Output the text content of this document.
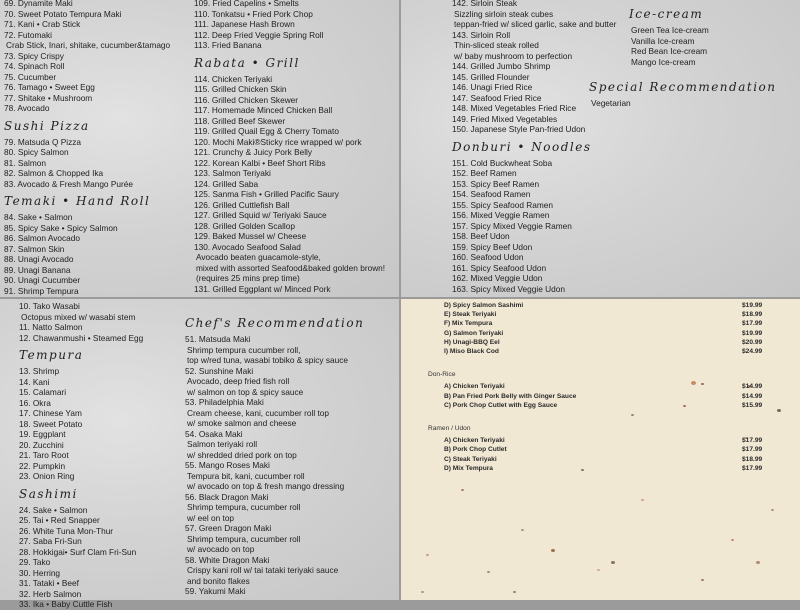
69. Dynamite Maki
70. Sweet Potato Tempura Maki
71. Kani • Crab Stick
72. Futomaki
Crab Stick, Inari, shitake, cucumber&tamago
73. Spicy Crispy
74. Spinach Roll
75. Cucumber
76. Tamago • Sweet Egg
77. Shitake • Mushroom
78. Avocado
Sushi Pizza
79. Matsuda Q Pizza
80. Spicy Salmon
81. Salmon
82. Salmon & Chopped Ika
83. Avocado & Fresh Mango Purée
Temaki • Hand Roll
84. Sake • Salmon
85. Spicy Sake • Spicy Salmon
86. Salmon Avocado
87. Salmon Skin
88. Unagi Avocado
89. Unagi Banana
90. Unagi Cucumber
91. Shrimp Tempura
109. Fried Capelins • Smelts
110. Tonkatsu • Fried Pork Chop
111. Japanese Hash Brown
112. Deep Fried Veggie Spring Roll
113. Fried Banana
Rabata • Grill
114. Chicken Teriyaki
115. Grilled Chicken Skin
116. Grilled Chicken Skewer
117. Homemade Minced Chicken Ball
118. Grilled Beef Skewer
119. Grilled Quail Egg & Cherry Tomato
120. Mochi Maki®Sticky rice wrapped w/ pork
121. Crunchy & Juicy Pork Belly
122. Korean Kalbi • Beef Short Ribs
123. Salmon Teriyaki
124. Grilled Saba
125. Sanma Fish • Grilled Pacific Saury
126. Grilled Cuttlefish Ball
127. Grilled Squid w/ Teriyaki Sauce
128. Grilled Golden Scallop
129. Baked Mussel w/ Cheese
130. Avocado Seafood Salad
Avocado beaten guacamole-style,
mixed with assorted Seafood&baked golden brown!
(requires 25 mins prep time)
131. Grilled Eggplant w/ Minced Pork
142. Sirloin Steak
Sizzling sirloin steak cubes
teppan-fried w/ sliced garlic, sake and butter
143. Sirloin Roll
Thin-sliced steak rolled
w/ baby mushroom to perfection
144. Grilled Jumbo Shrimp
145. Grilled Flounder
146. Unagi Fried Rice
147. Seafood Fried Rice
148. Mixed Vegetables Fried Rice
149. Fried Mixed Vegetables
150. Japanese Style Pan-fried Udon
Donburi • Noodles
151. Cold Buckwheat Soba
152. Beef Ramen
153. Spicy Beef Ramen
154. Seafood Ramen
155. Spicy Seafood Ramen
156. Mixed Veggie Ramen
157. Spicy Mixed Veggie Ramen
158. Beef Udon
159. Spicy Beef Udon
160. Seafood Udon
161. Spicy Seafood Udon
162. Mixed Veggie Udon
163. Spicy Mixed Veggie Udon
Ice-cream
Green Tea Ice-cream
Vanilla Ice-cream
Red Bean Ice-cream
Mango Ice-cream
Special Recommendation
Vegetarian
10. Tako Wasabi
Octopus mixed w/ wasabi stem
11. Natto Salmon
12. Chawanmushi • Steamed Egg
Tempura
13. Shrimp
14. Kani
15. Calamari
16. Okra
17. Chinese Yam
18. Sweet Potato
19. Eggplant
20. Zucchini
21. Taro Root
22. Pumpkin
23. Onion Ring
Sashimi
24. Sake • Salmon
25. Tai • Red Snapper
26. White Tuna Mon-Thur
27. Saba Fri-Sun
28. Hokkigai• Surf Clam Fri-Sun
29. Tako
30. Herring
31. Tataki • Beef
32. Herb Salmon
33. Ika • Baby Cuttle Fish
Chef's Recommendation
51. Matsuda Maki
Shrimp tempura cucumber roll,
top w/red tuna, wasabi tobiko & spicy sauce
52. Sunshine Maki
Avocado, deep fried fish roll
w/ salmon on top & spicy sauce
53. Philadelphia Maki
Cream cheese, kani, cucumber roll top
w/ smoke salmon and cheese
54. Osaka Maki
Salmon teriyaki roll
w/ shredded dried pork on top
55. Mango Roses Maki
Tempura bit, kani, cucumber roll
w/ avocado on top & fresh mango dressing
56. Black Dragon Maki
Shrimp tempura, cucumber roll
w/ eel on top
57. Green Dragon Maki
Shrimp tempura, cucumber roll
w/ avocado on top
58. White Dragon Maki
Crispy kani roll w/ tai tataki teriyaki sauce
and bonito flakes
59. Yakumi Maki
D) Spicy Salmon Sashimi	$19.99
E) Steak Teriyaki	$18.99
F) Mix Tempura	$17.99
G) Salmon Teriyaki	$19.99
H) Unagi-BBQ Eel	$20.99
I) Miso Black Cod	$24.99
Don-Rice
A) Chicken Teriyaki	$14.99
B) Pan Fried Pork Belly with Ginger Sauce	$14.99
C) Pork Chop Cutlet with Egg Sauce	$15.99
Ramen / Udon
A) Chicken Teriyaki	$17.99
B) Pork Chop Cutlet	$17.99
C) Steak Teriyaki	$18.99
D) Mix Tempura	$17.99
